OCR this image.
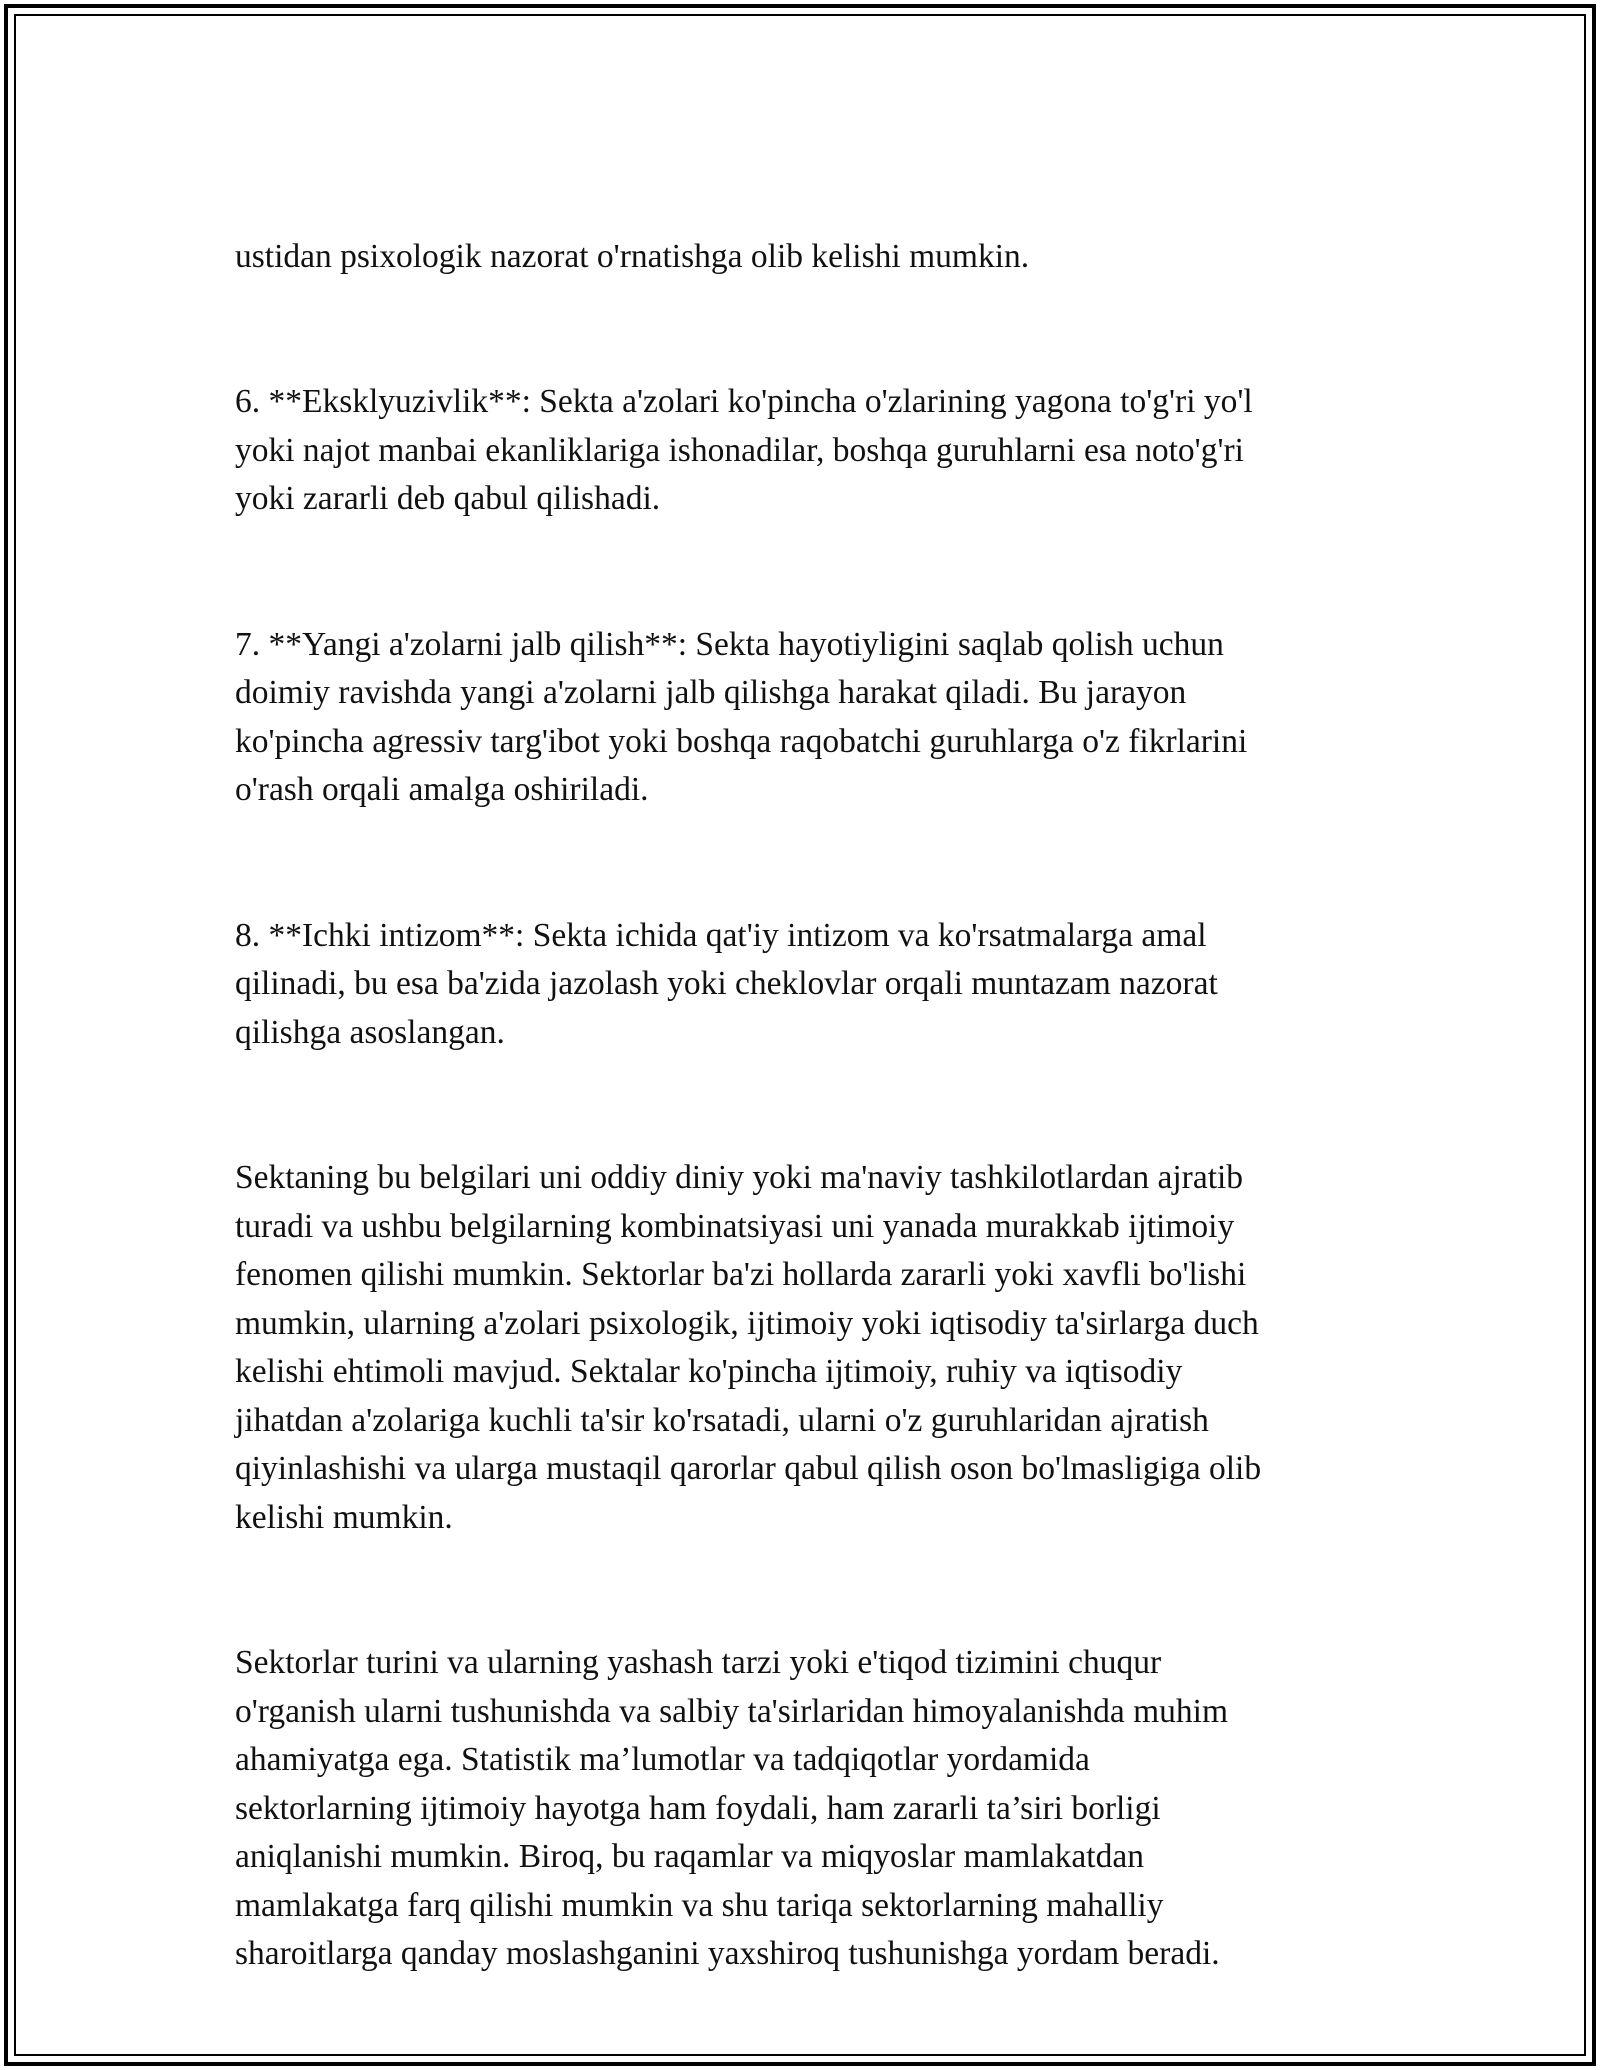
ustidan psixologik nazorat o'rnatishga olib kelishi mumkin.

6. **Eksklyuzivlik**: Sekta a'zolari ko'pincha o'zlarining yagona to'g'ri yo'l
yoki najot manbai ekanliklariga ishonadilar, boshqa guruhlarni esa noto'g'ri
yoki zararli deb qabul qilishadi.

7. **Yangi a'zolarni jalb qilish**: Sekta hayotiyligini saqlab qolish uchun
doimiy ravishda yangi a'zolarni jalb qilishga harakat qiladi. Bu jarayon
ko'pincha agressiv targ'ibot yoki boshqa raqobatchi guruhlarga o'z fikrlarini
o'rash orqali amalga oshiriladi.

8. **Ichki intizom**: Sekta ichida qat'iy intizom va ko'rsatmalarga amal
qilinadi, bu esa ba'zida jazolash yoki cheklovlar orqali muntazam nazorat
qilishga asoslangan.

Sektaning bu belgilari uni oddiy diniy yoki ma'naviy tashkilotlardan ajratib
turadi va ushbu belgilarning kombinatsiyasi uni yanada murakkab ijtimoiy
fenomen qilishi mumkin. Sektorlar ba'zi hollarda zararli yoki xavfli bo'lishi
mumkin, ularning a'zolari psixologik, ijtimoiy yoki iqtisodiy ta'sirlarga duch
kelishi ehtimoli mavjud. Sektalar ko'pincha ijtimoiy, ruhiy va iqtisodiy
jihatdan a'zolariga kuchli ta'sir ko'rsatadi, ularni o'z guruhlaridan ajratish
qiyinlashishi va ularga mustaqil qarorlar qabul qilish oson bo'lmasligiga olib
kelishi mumkin.

Sektorlar turini va ularning yashash tarzi yoki e'tiqod tizimini chuqur
o'rganish ularni tushunishda va salbiy ta'sirlaridan himoyalanishda muhim
ahamiyatga ega. Statistik ma’lumotlar va tadqiqotlar yordamida
sektorlarning ijtimoiy hayotga ham foydali, ham zararli ta’siri borligi
aniqlanishi mumkin. Biroq, bu raqamlar va miqyoslar mamlakatdan
mamlakatga farq qilishi mumkin va shu tariqa sektorlarning mahalliy
sharoitlarga qanday moslashganini yaxshiroq tushunishga yordam beradi.
